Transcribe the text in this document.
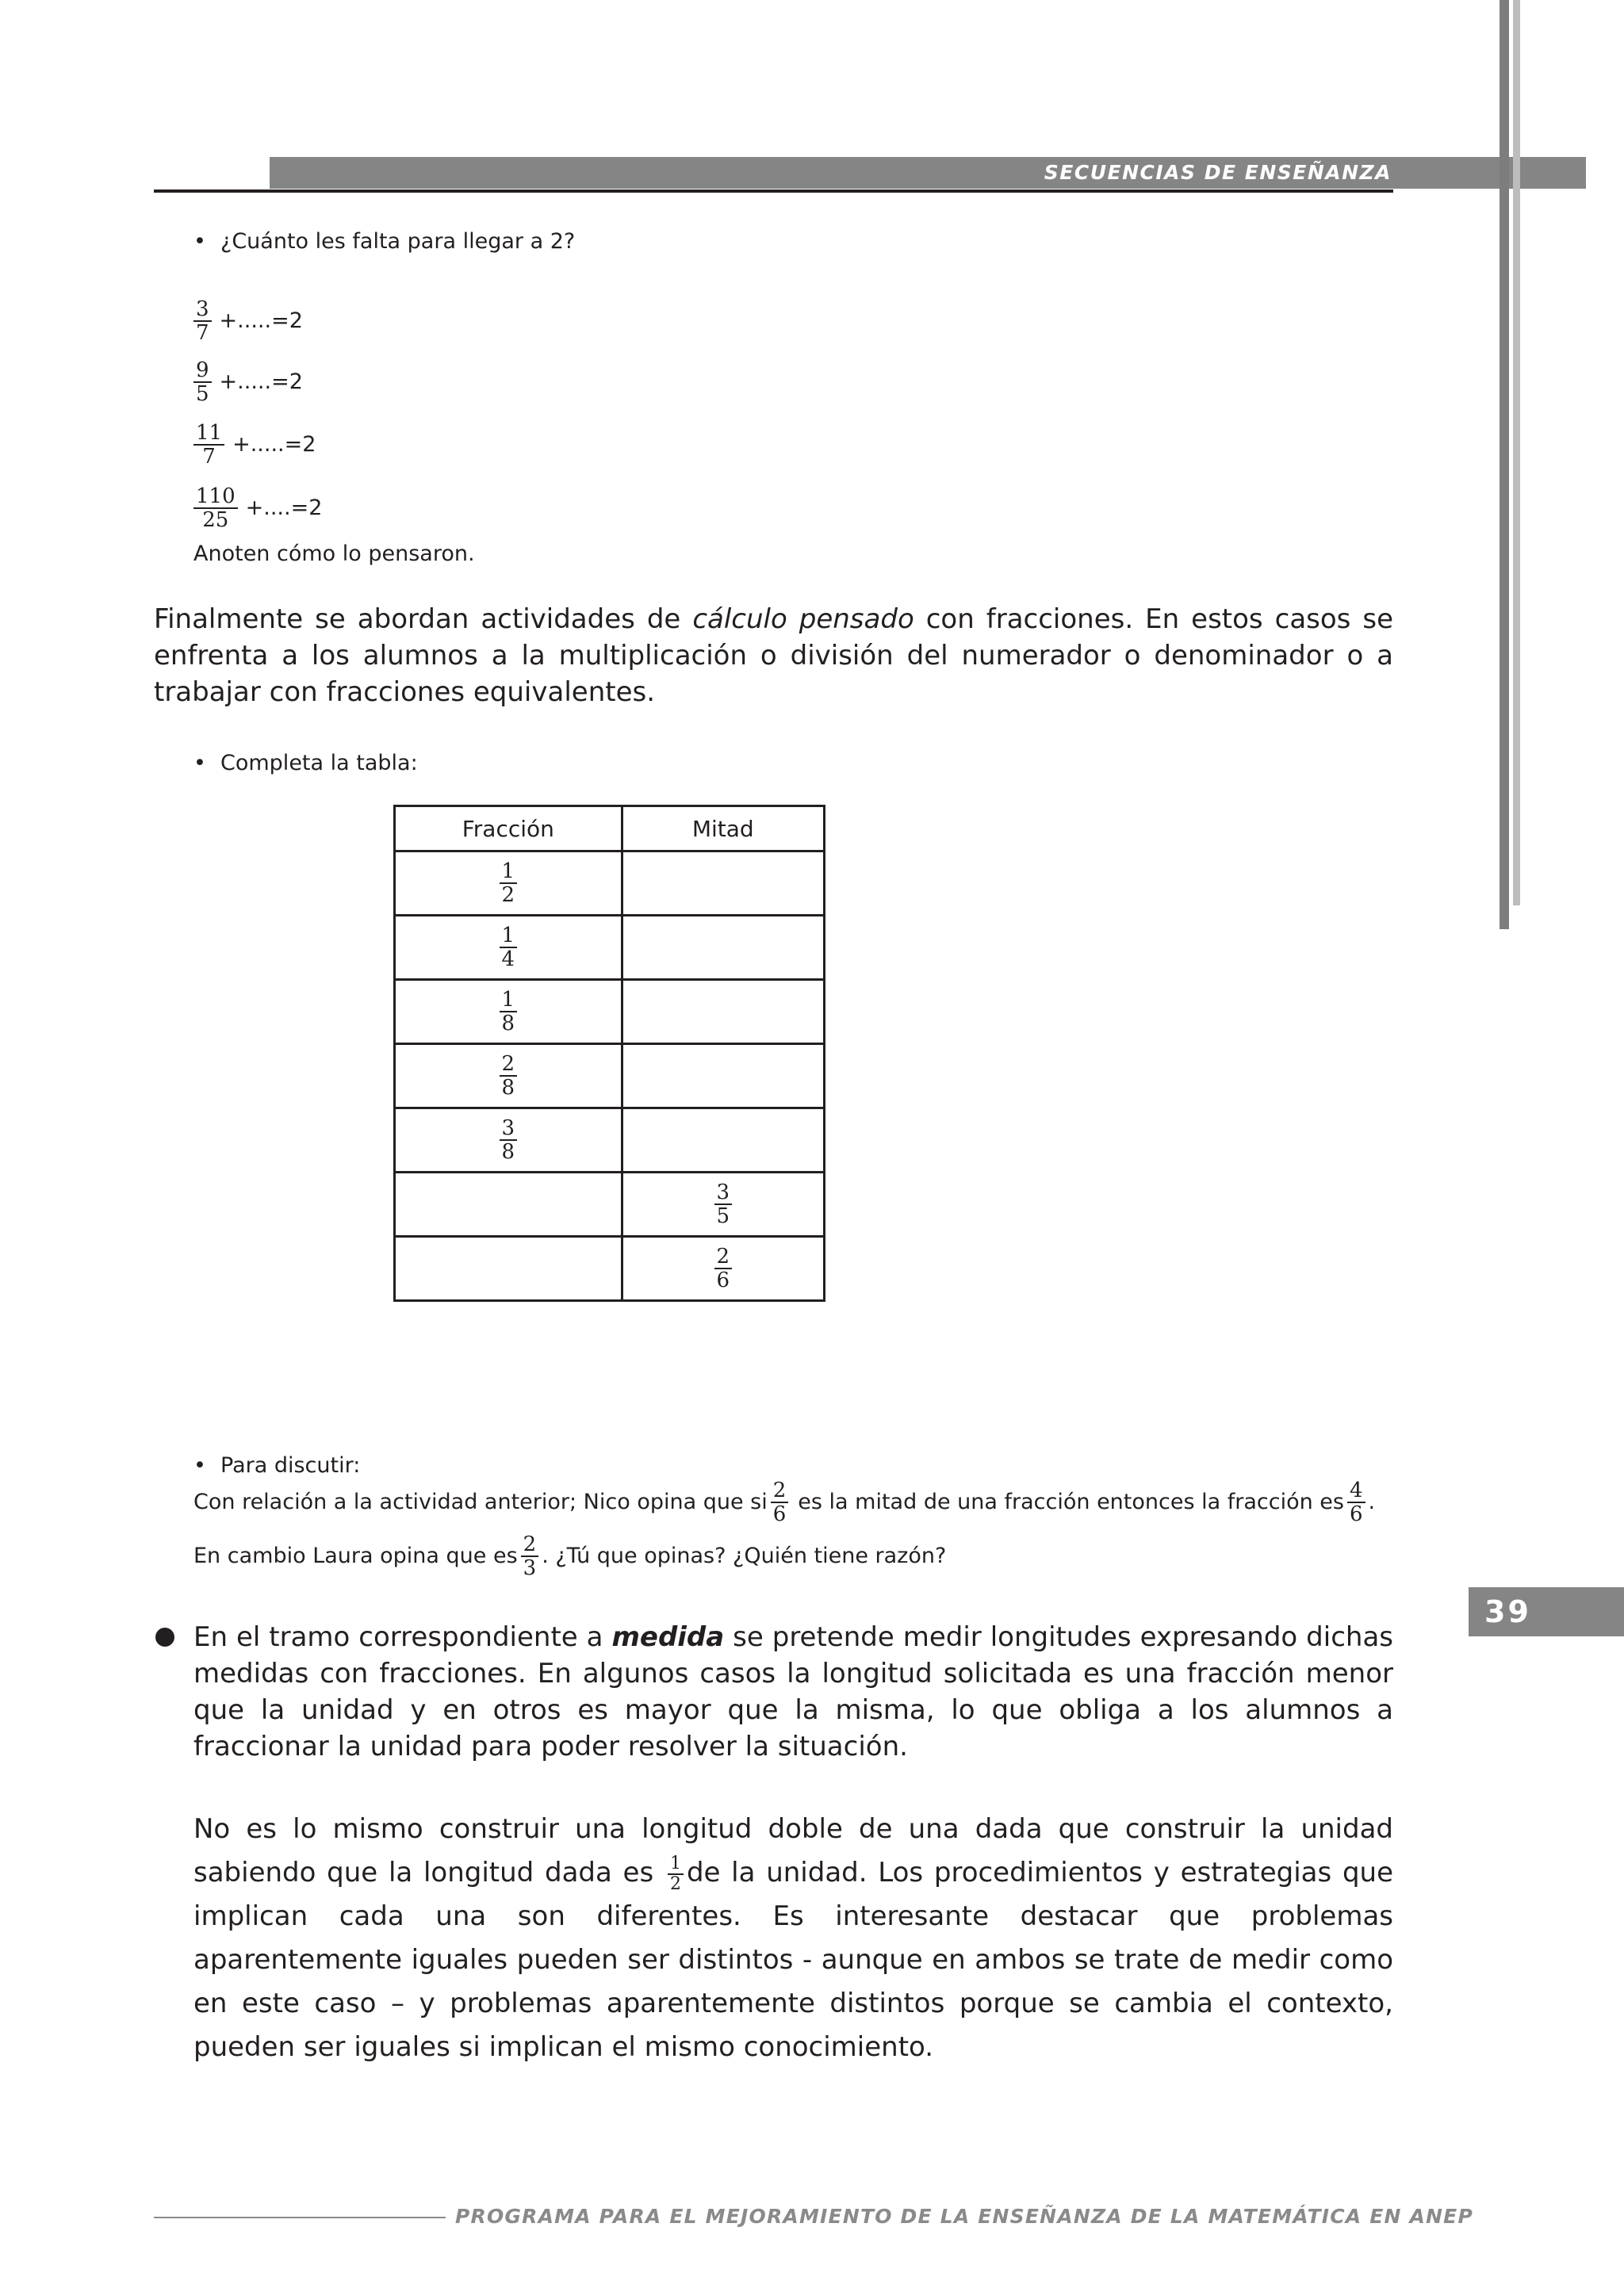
SECUENCIAS DE ENSEÑANZA
• ¿Cuánto les falta para llegar a 2?
$\frac{3}{7} +.....=2$
$\frac{9}{5} +.....=2$
$\frac{11}{7} +.....=2$
$\frac{110}{25} +....=2$
Anoten cómo lo pensaron.
Finalmente se abordan actividades de cálculo pensado con fracciones. En estos casos se enfrenta a los alumnos a la multiplicación o división del numerador o denominador o a trabajar con fracciones equivalentes.
• Completa la tabla:
Fracción	Mitad

$\frac{1}{2}$

$\frac{1}{4}$

$\frac{1}{8}$

$\frac{2}{8}$

$\frac{3}{8}$

	$\frac{3}{5}$

	$\frac{2}{6}$
• Para discutir:
Con relación a la actividad anterior; Nico opina que si $\frac{2}{6}$ es la mitad de una fracción entonces la fracción es $\frac{4}{6}$ .
En cambio Laura opina que es $\frac{2}{3}$ . ¿Tú que opinas? ¿Quién tiene razón?
39
En el tramo correspondiente a medida se pretende medir longitudes expresando dichas medidas con fracciones. En algunos casos la longitud solicitada es una fracción menor que la unidad y en otros es mayor que la misma, lo que obliga a los alumnos a fraccionar la unidad para poder resolver la situación.
No es lo mismo construir una longitud doble de una dada que construir la unidad sabiendo que la longitud dada es $\frac{1}{2}$ de la unidad. Los procedimientos y estrategias que implican cada una son diferentes. Es interesante destacar que problemas aparentemente iguales pueden ser distintos - aunque en ambos se trate de medir como en este caso – y problemas aparentemente distintos porque se cambia el contexto, pueden ser iguales si implican el mismo conocimiento.
PROGRAMA PARA EL MEJORAMIENTO DE LA ENSEÑANZA DE LA MATEMÁTICA EN ANEP
